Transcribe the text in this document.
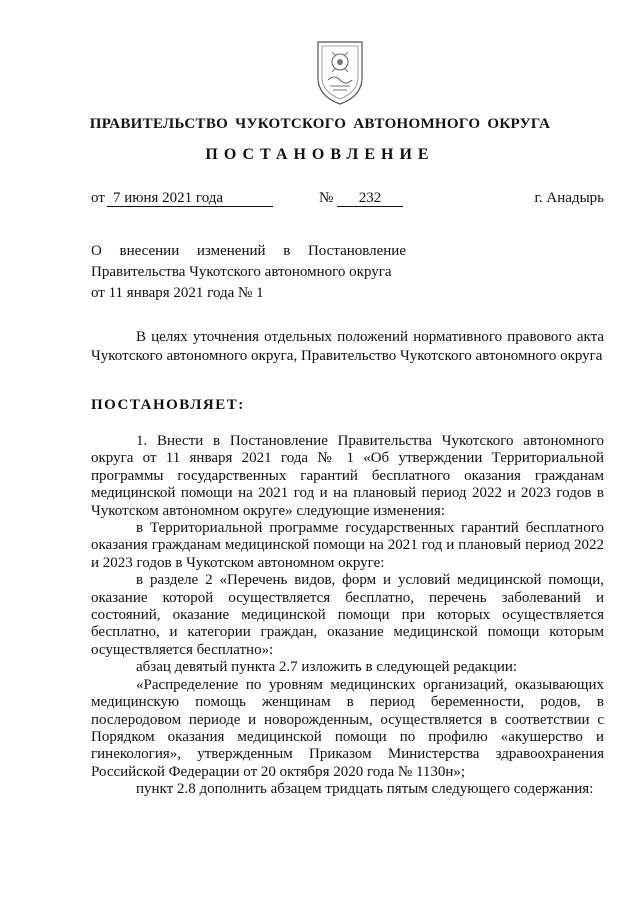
ПРАВИТЕЛЬСТВО ЧУКОТСКОГО АВТОНОМНОГО ОКРУГА
ПОСТАНОВЛЕНИЕ
от 7 июня 2021 года	№	232	г. Анадырь
О внесении изменений в Постановление
Правительства Чукотского автономного округа
от 11 января 2021 года № 1
В целях уточнения отдельных положений нормативного правового акта Чукотского автономного округа, Правительство Чукотского автономного округа
ПОСТАНОВЛЯЕТ:

1. Внести в Постановление Правительства Чукотского автономного округа от 11 января 2021 года № 1 «Об утверждении Территориальной программы государственных гарантий бесплатного оказания гражданам медицинской помощи на 2021 год и на плановый период 2022 и 2023 годов в Чукотском автономном округе» следующие изменения:

в Территориальной программе государственных гарантий бесплатного оказания гражданам медицинской помощи на 2021 год и плановый период 2022 и 2023 годов в Чукотском автономном округе:

в разделе 2 «Перечень видов, форм и условий медицинской помощи, оказание которой осуществляется бесплатно, перечень заболеваний и состояний, оказание медицинской помощи при которых осуществляется бесплатно, и категории граждан, оказание медицинской помощи которым осуществляется бесплатно»:

абзац девятый пункта 2.7 изложить в следующей редакции:

«Распределение по уровням медицинских организаций, оказывающих медицинскую помощь женщинам в период беременности, родов, в послеродовом периоде и новорожденным, осуществляется в соответствии с Порядком оказания медицинской помощи по профилю «акушерство и гинекология», утвержденным Приказом Министерства здравоохранения Российской Федерации от 20 октября 2020 года № 1130н»;

пункт 2.8 дополнить абзацем тридцать пятым следующего содержания:
